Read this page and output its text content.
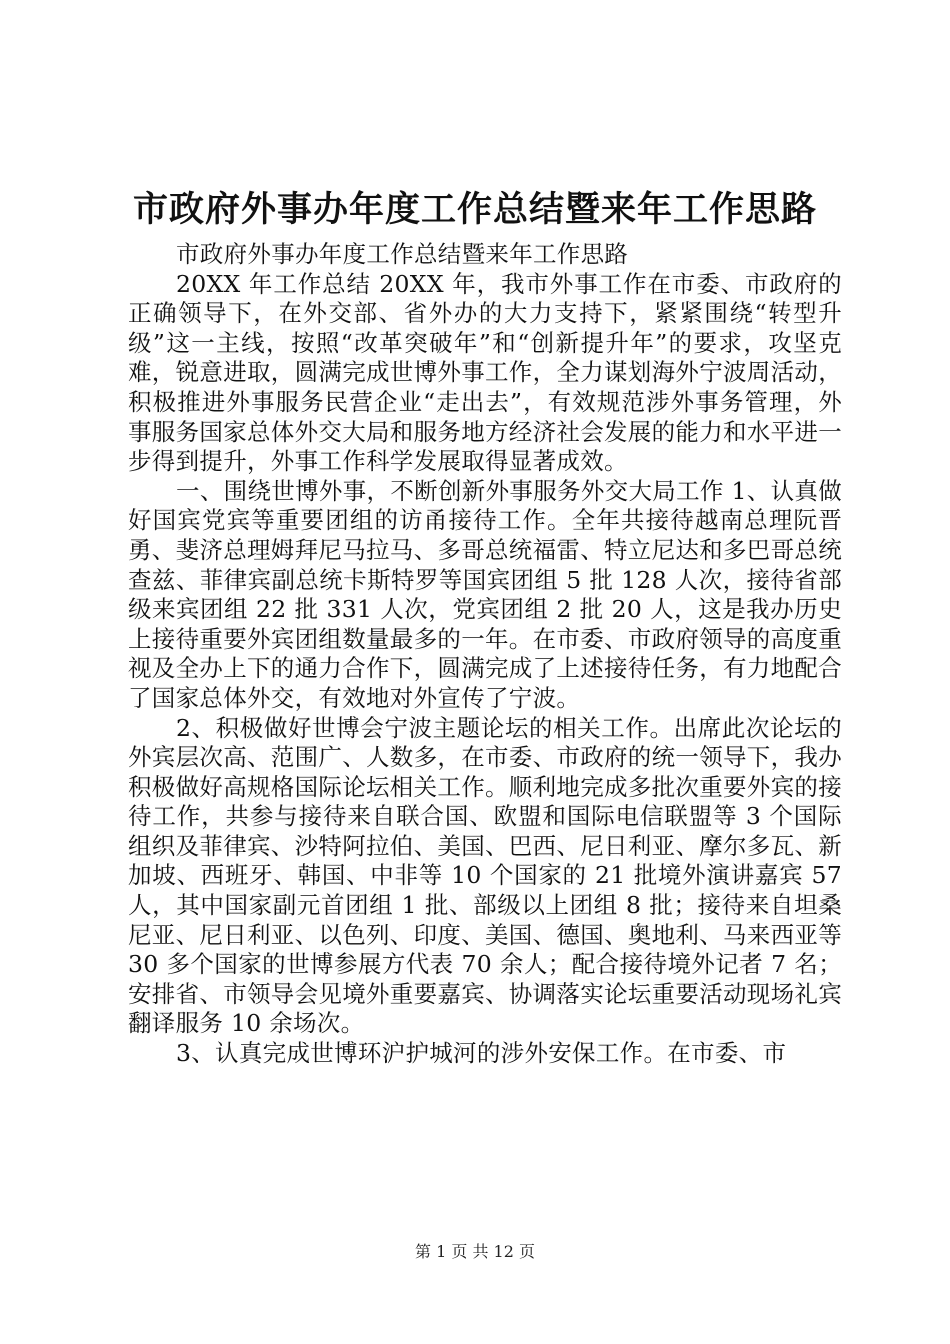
市政府外事办年度工作总结暨来年工作思路

市政府外事办年度工作总结暨来年工作思路

20XX 年工作总结 20XX 年，我市外事工作在市委、市政府的正确领导下，在外交部、省外办的大力支持下，紧紧围绕“转型升级”这一主线，按照“改革突破年”和“创新提升年”的要求，攻坚克难，锐意进取，圆满完成世博外事工作，全力谋划海外宁波周活动，积极推进外事服务民营企业“走出去”，有效规范涉外事务管理，外事服务国家总体外交大局和服务地方经济社会发展的能力和水平进一步得到提升，外事工作科学发展取得显著成效。

一、围绕世博外事，不断创新外事服务外交大局工作 1、认真做好国宾党宾等重要团组的访甬接待工作。全年共接待越南总理阮晋勇、斐济总理姆拜尼马拉马、多哥总统福雷、特立尼达和多巴哥总统查兹、菲律宾副总统卡斯特罗等国宾团组 5 批 128 人次，接待省部级来宾团组 22 批 331 人次，党宾团组 2 批 20 人，这是我办历史上接待重要外宾团组数量最多的一年。在市委、市政府领导的高度重视及全办上下的通力合作下，圆满完成了上述接待任务，有力地配合了国家总体外交，有效地对外宣传了宁波。

2、积极做好世博会宁波主题论坛的相关工作。出席此次论坛的外宾层次高、范围广、人数多，在市委、市政府的统一领导下，我办积极做好高规格国际论坛相关工作。顺利地完成多批次重要外宾的接待工作，共参与接待来自联合国、欧盟和国际电信联盟等 3 个国际组织及菲律宾、沙特阿拉伯、美国、巴西、尼日利亚、摩尔多瓦、新加坡、西班牙、韩国、中非等 10 个国家的 21 批境外演讲嘉宾 57 人，其中国家副元首团组 1 批、部级以上团组 8 批；接待来自坦桑尼亚、尼日利亚、以色列、印度、美国、德国、奥地利、马来西亚等 30 多个国家的世博参展方代表 70 余人；配合接待境外记者 7 名；安排省、市领导会见境外重要嘉宾、协调落实论坛重要活动现场礼宾翻译服务 10 余场次。

3、认真完成世博环沪护城河的涉外安保工作。在市委、市

第 1 页 共 12 页
